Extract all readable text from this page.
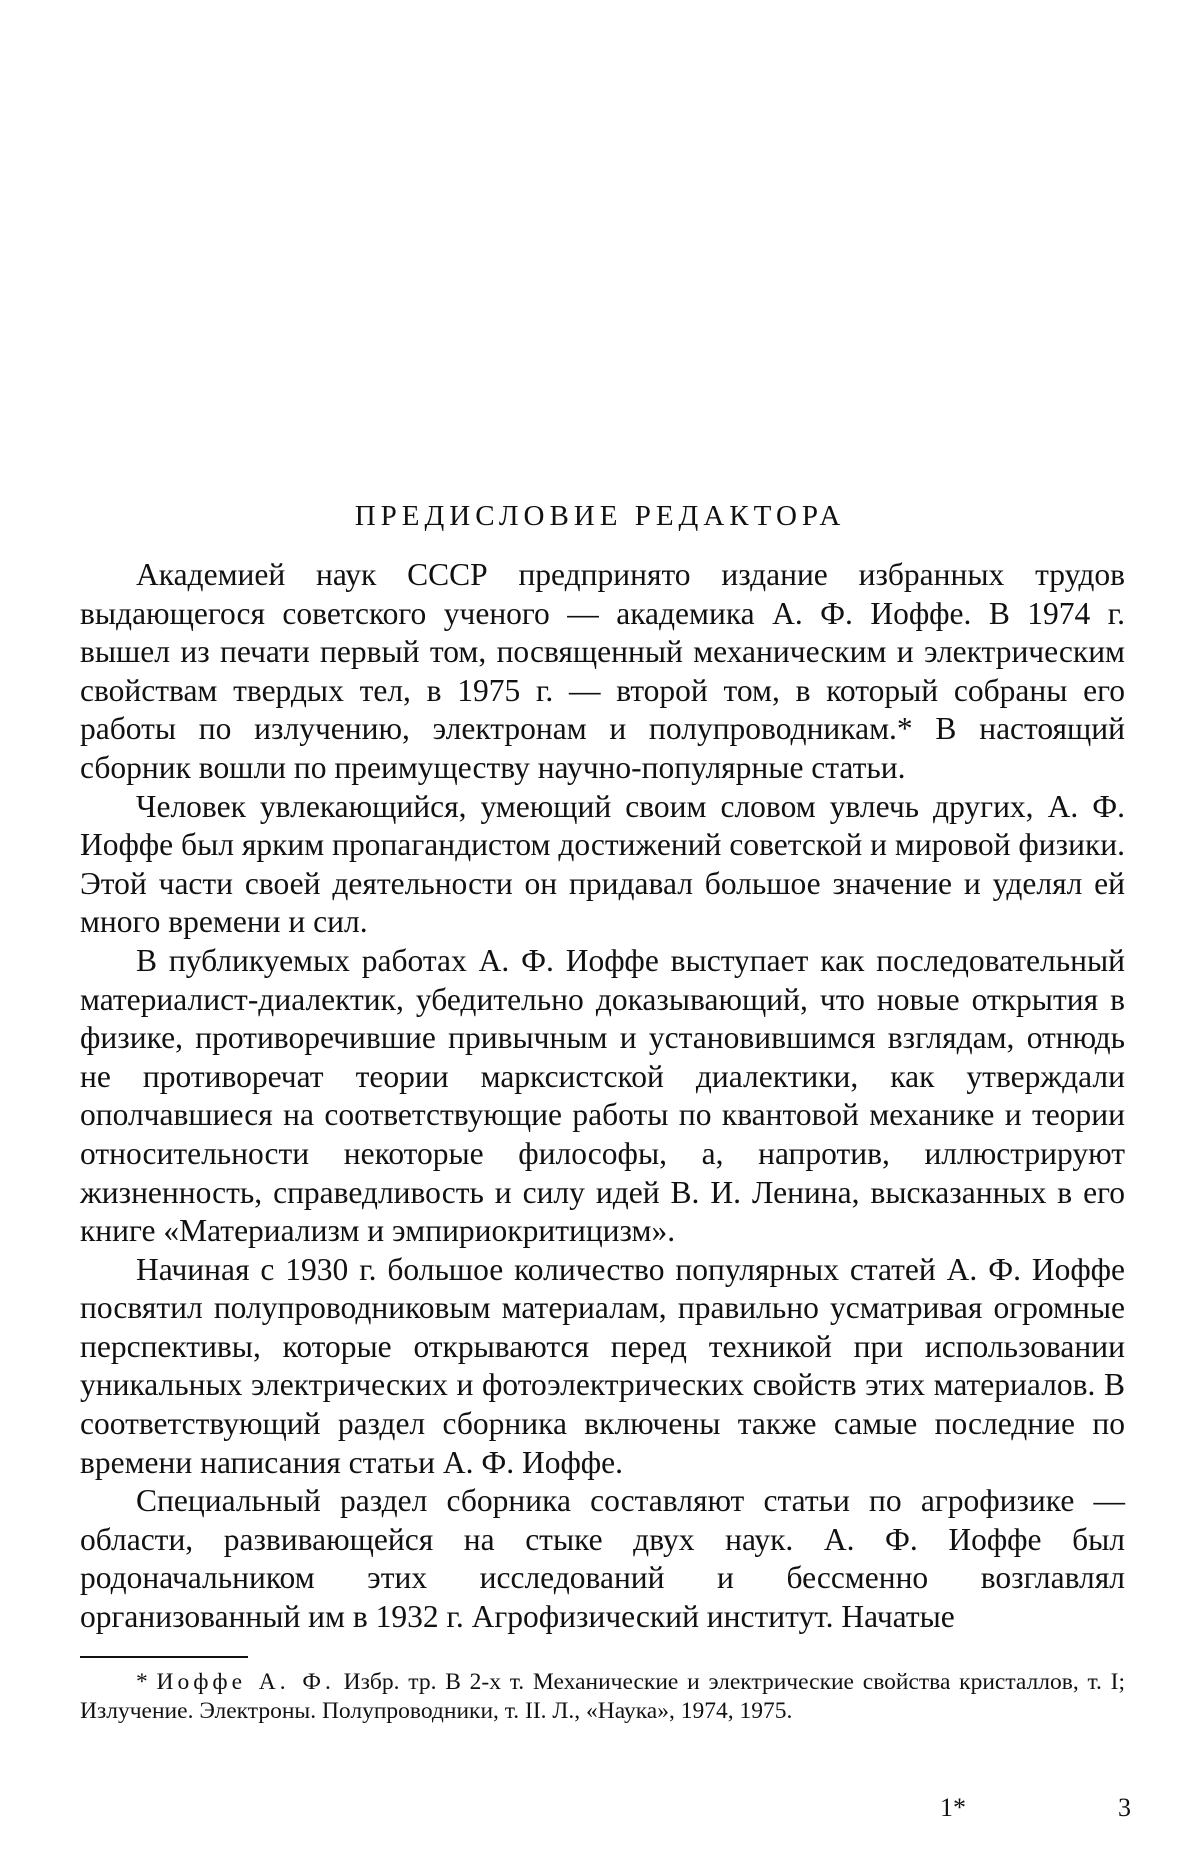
ПРЕДИСЛОВИЕ РЕДАКТОРА

Академией наук СССР предпринято издание избранных трудов выдающегося советского ученого — академика А. Ф. Иоффе. В 1974 г. вышел из печати первый том, посвященный механическим и электрическим свойствам твердых тел, в 1975 г. — второй том, в который собраны его работы по излучению, электронам и полупроводникам.* В настоящий сборник вошли по преимуществу научно-популярные статьи.

Человек увлекающийся, умеющий своим словом увлечь других, А. Ф. Иоффе был ярким пропагандистом достижений советской и мировой физики. Этой части своей деятельности он придавал большое значение и уделял ей много времени и сил.

В публикуемых работах А. Ф. Иоффе выступает как последовательный материалист-диалектик, убедительно доказывающий, что новые открытия в физике, противоречившие привычным и установившимся взглядам, отнюдь не противоречат теории марксистской диалектики, как утверждали ополчавшиеся на соответствующие работы по квантовой механике и теории относительности некоторые философы, а, напротив, иллюстрируют жизненность, справедливость и силу идей В. И. Ленина, высказанных в его книге «Материализм и эмпириокритицизм».

Начиная с 1930 г. большое количество популярных статей А. Ф. Иоффе посвятил полупроводниковым материалам, правильно усматривая огромные перспективы, которые открываются перед техникой при использовании уникальных электрических и фотоэлектрических свойств этих материалов. В соответствующий раздел сборника включены также самые последние по времени написания статьи А. Ф. Иоффе.

Специальный раздел сборника составляют статьи по агрофизике — области, развивающейся на стыке двух наук. А. Ф. Иоффе был родоначальником этих исследований и бессменно возглавлял организованный им в 1932 г. Агрофизический институт. Начатые

* Иоффе А. Ф. Избр. тр. В 2-х т. Механические и электрические свойства кристаллов, т. I; Излучение. Электроны. Полупроводники, т. II. Л., «Наука», 1974, 1975.

1*	3
